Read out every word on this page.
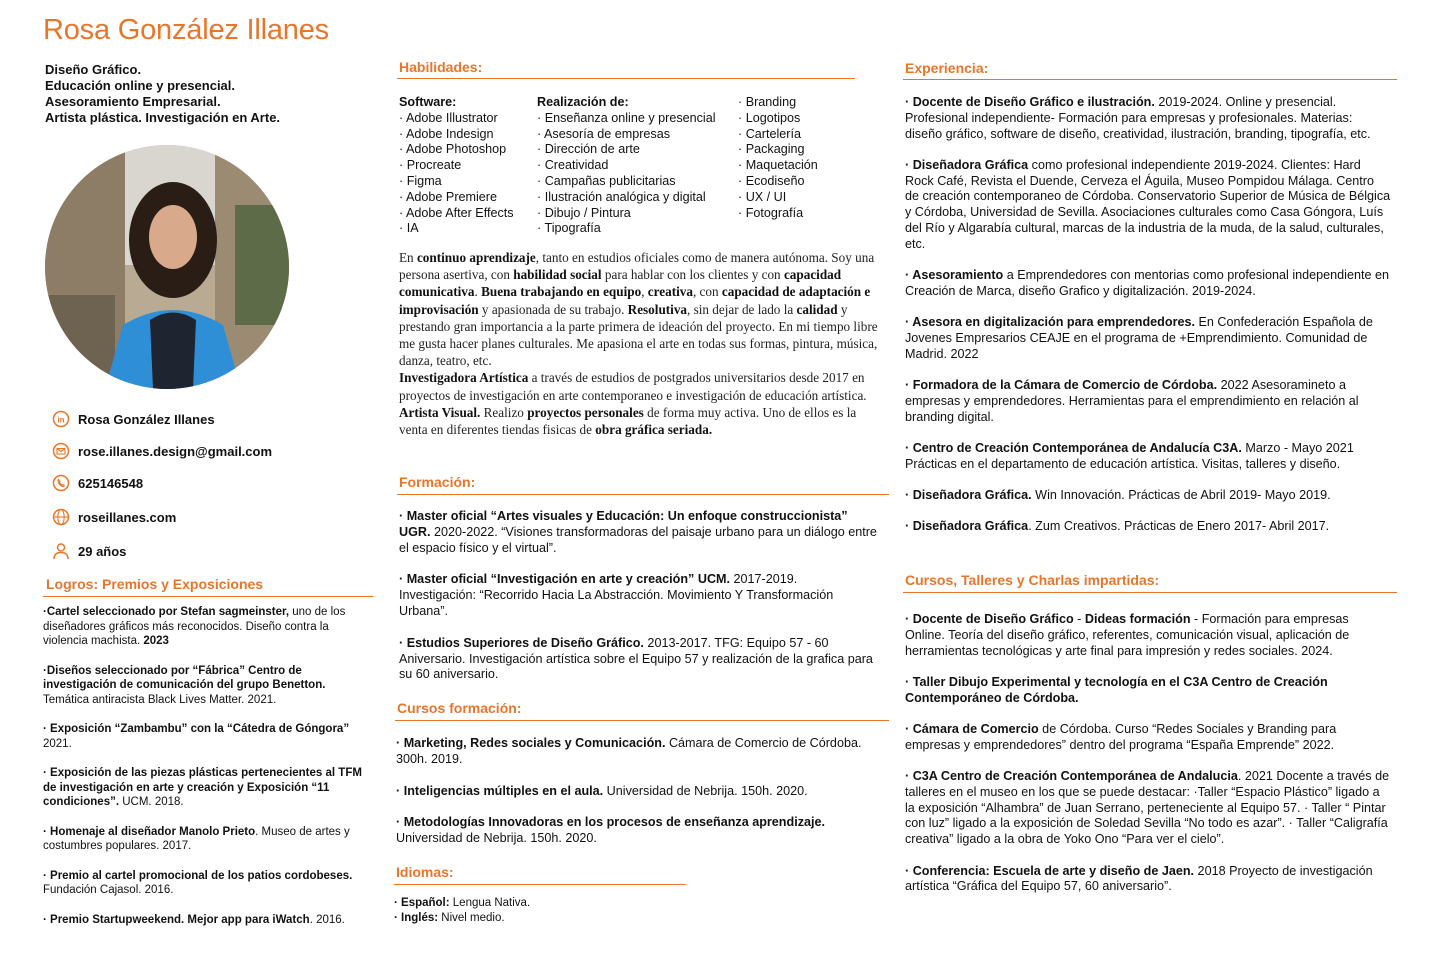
Rosa González Illanes
Diseño Gráfico.
Educación online y presencial.
Asesoramiento Empresarial.
Artista plástica. Investigación en Arte.
in Rosa González Illanes
rose.illanes.design@gmail.com
625146548
roseillanes.com
29 años
Logros: Premios y Exposiciones
·Cartel seleccionado por Stefan sagmeinster, uno de los diseñadores gráficos más reconocidos. Diseño contra la violencia machista. 2023
·Diseños seleccionado por “Fábrica” Centro de investigación de comunicación del grupo Benetton. Temática antiracista Black Lives Matter. 2021.
· Exposición “Zambambu” con la “Cátedra de Góngora” 2021.
· Exposición de las piezas plásticas pertenecientes al TFM de investigación en arte y creación y Exposición “11 condiciones”. UCM. 2018.
· Homenaje al diseñador Manolo Prieto. Museo de artes y costumbres populares. 2017.
· Premio al cartel promocional de los patios cordobeses. Fundación Cajasol. 2016.
· Premio Startupweekend. Mejor app para iWatch. 2016.
Habilidades:
Software:
· Adobe Illustrator
· Adobe Indesign
· Adobe Photoshop
· Procreate
· Figma
· Adobe Premiere
· Adobe After Effects
· IA
Realización de:
· Enseñanza online y presencial
· Asesoría de empresas
· Dirección de arte
· Creatividad
· Campañas publicitarias
· Ilustración analógica y digital
· Dibujo / Pintura
· Tipografía
· Branding
· Logotipos
· Cartelería
· Packaging
· Maquetación
· Ecodiseño
· UX / UI
· Fotografía
En continuo aprendizaje, tanto en estudios oficiales como de manera autónoma. Soy una persona asertiva, con habilidad social para hablar con los clientes y con capacidad comunicativa. Buena trabajando en equipo, creativa, con capacidad de adaptación e improvisación y apasionada de su trabajo. Resolutiva, sin dejar de lado la calidad y prestando gran importancia a la parte primera de ideación del proyecto. En mi tiempo libre me gusta hacer planes culturales. Me apasiona el arte en todas sus formas, pintura, música, danza, teatro, etc.
Investigadora Artística a través de estudios de postgrados universitarios desde 2017 en proyectos de investigación en arte contemporaneo e investigación de educación artística.
Artista Visual. Realizo proyectos personales de forma muy activa. Uno de ellos es la venta en diferentes tiendas fisicas de obra gráfica seriada.
Formación:
· Master oficial “Artes visuales y Educación: Un enfoque construccionista” UGR. 2020-2022. “Visiones transformadoras del paisaje urbano para un diálogo entre el espacio físico y el virtual”.
· Master oficial “Investigación en arte y creación” UCM. 2017-2019. Investigación: “Recorrido Hacia La Abstracción. Movimiento Y Transformación Urbana”.
· Estudios Superiores de Diseño Gráfico. 2013-2017. TFG: Equipo 57 - 60 Aniversario. Investigación artística sobre el Equipo 57 y realización de la grafica para su 60 aniversario.
Cursos formación:
· Marketing, Redes sociales y Comunicación. Cámara de Comercio de Córdoba. 300h. 2019.
· Inteligencias múltiples en el aula. Universidad de Nebrija. 150h. 2020.
· Metodologías Innovadoras en los procesos de enseñanza aprendizaje. Universidad de Nebrija. 150h. 2020.
Idiomas:
· Español: Lengua Nativa.
· Inglés: Nivel medio.
Experiencia:
· Docente de Diseño Gráfico e ilustración. 2019-2024. Online y presencial. Profesional independiente- Formación para empresas y profesionales. Materias: diseño gráfico, software de diseño, creatividad, ilustración, branding, tipografía, etc.
· Diseñadora Gráfica como profesional independiente 2019-2024. Clientes: Hard Rock Café, Revista el Duende, Cerveza el Águila, Museo Pompidou Málaga. Centro de creación contemporaneo de Córdoba. Conservatorio Superior de Música de Bélgica y Córdoba, Universidad de Sevilla. Asociaciones culturales como Casa Góngora, Luís del Río y Algarabía cultural, marcas de la industria de la muda, de la salud, culturales, etc.
· Asesoramiento a Emprendedores con mentorias como profesional independiente en Creación de Marca, diseño Grafico y digitalización. 2019-2024.
· Asesora en digitalización para emprendedores. En Confederación Española de Jovenes Empresarios CEAJE en el programa de +Emprendimiento. Comunidad de Madrid. 2022
· Formadora de la Cámara de Comercio de Córdoba. 2022 Asesoramineto a empresas y emprendedores. Herramientas para el emprendimiento en relación al branding digital.
· Centro de Creación Contemporánea de Andalucía C3A. Marzo - Mayo 2021 Prácticas en el departamento de educación artística. Visitas, talleres y diseño.
· Diseñadora Gráfica. Win Innovación. Prácticas de Abril 2019- Mayo 2019.
· Diseñadora Gráfica. Zum Creativos. Prácticas de Enero 2017- Abril 2017.
Cursos, Talleres y Charlas impartidas:
· Docente de Diseño Gráfico - Dideas formación - Formación para empresas Online. Teoría del diseño gráfico, referentes, comunicación visual, aplicación de herramientas tecnológicas y arte final para impresión y redes sociales. 2024.
· Taller Dibujo Experimental y tecnología en el C3A Centro de Creación Contemporáneo de Córdoba.
· Cámara de Comercio de Córdoba. Curso “Redes Sociales y Branding para empresas y emprendedores” dentro del programa “España Emprende” 2022.
· C3A Centro de Creación Contemporánea de Andalucia. 2021 Docente a través de talleres en el museo en los que se puede destacar: ·Taller “Espacio Plástico” ligado a la exposición “Alhambra” de Juan Serrano, perteneciente al Equipo 57. · Taller “ Pintar con luz” ligado a la exposición de Soledad Sevilla “No todo es azar”. · Taller “Caligrafía creativa” ligado a la obra de Yoko Ono “Para ver el cielo”.
· Conferencia: Escuela de arte y diseño de Jaen. 2018 Proyecto de investigación artística “Gráfica del Equipo 57, 60 aniversario”.
